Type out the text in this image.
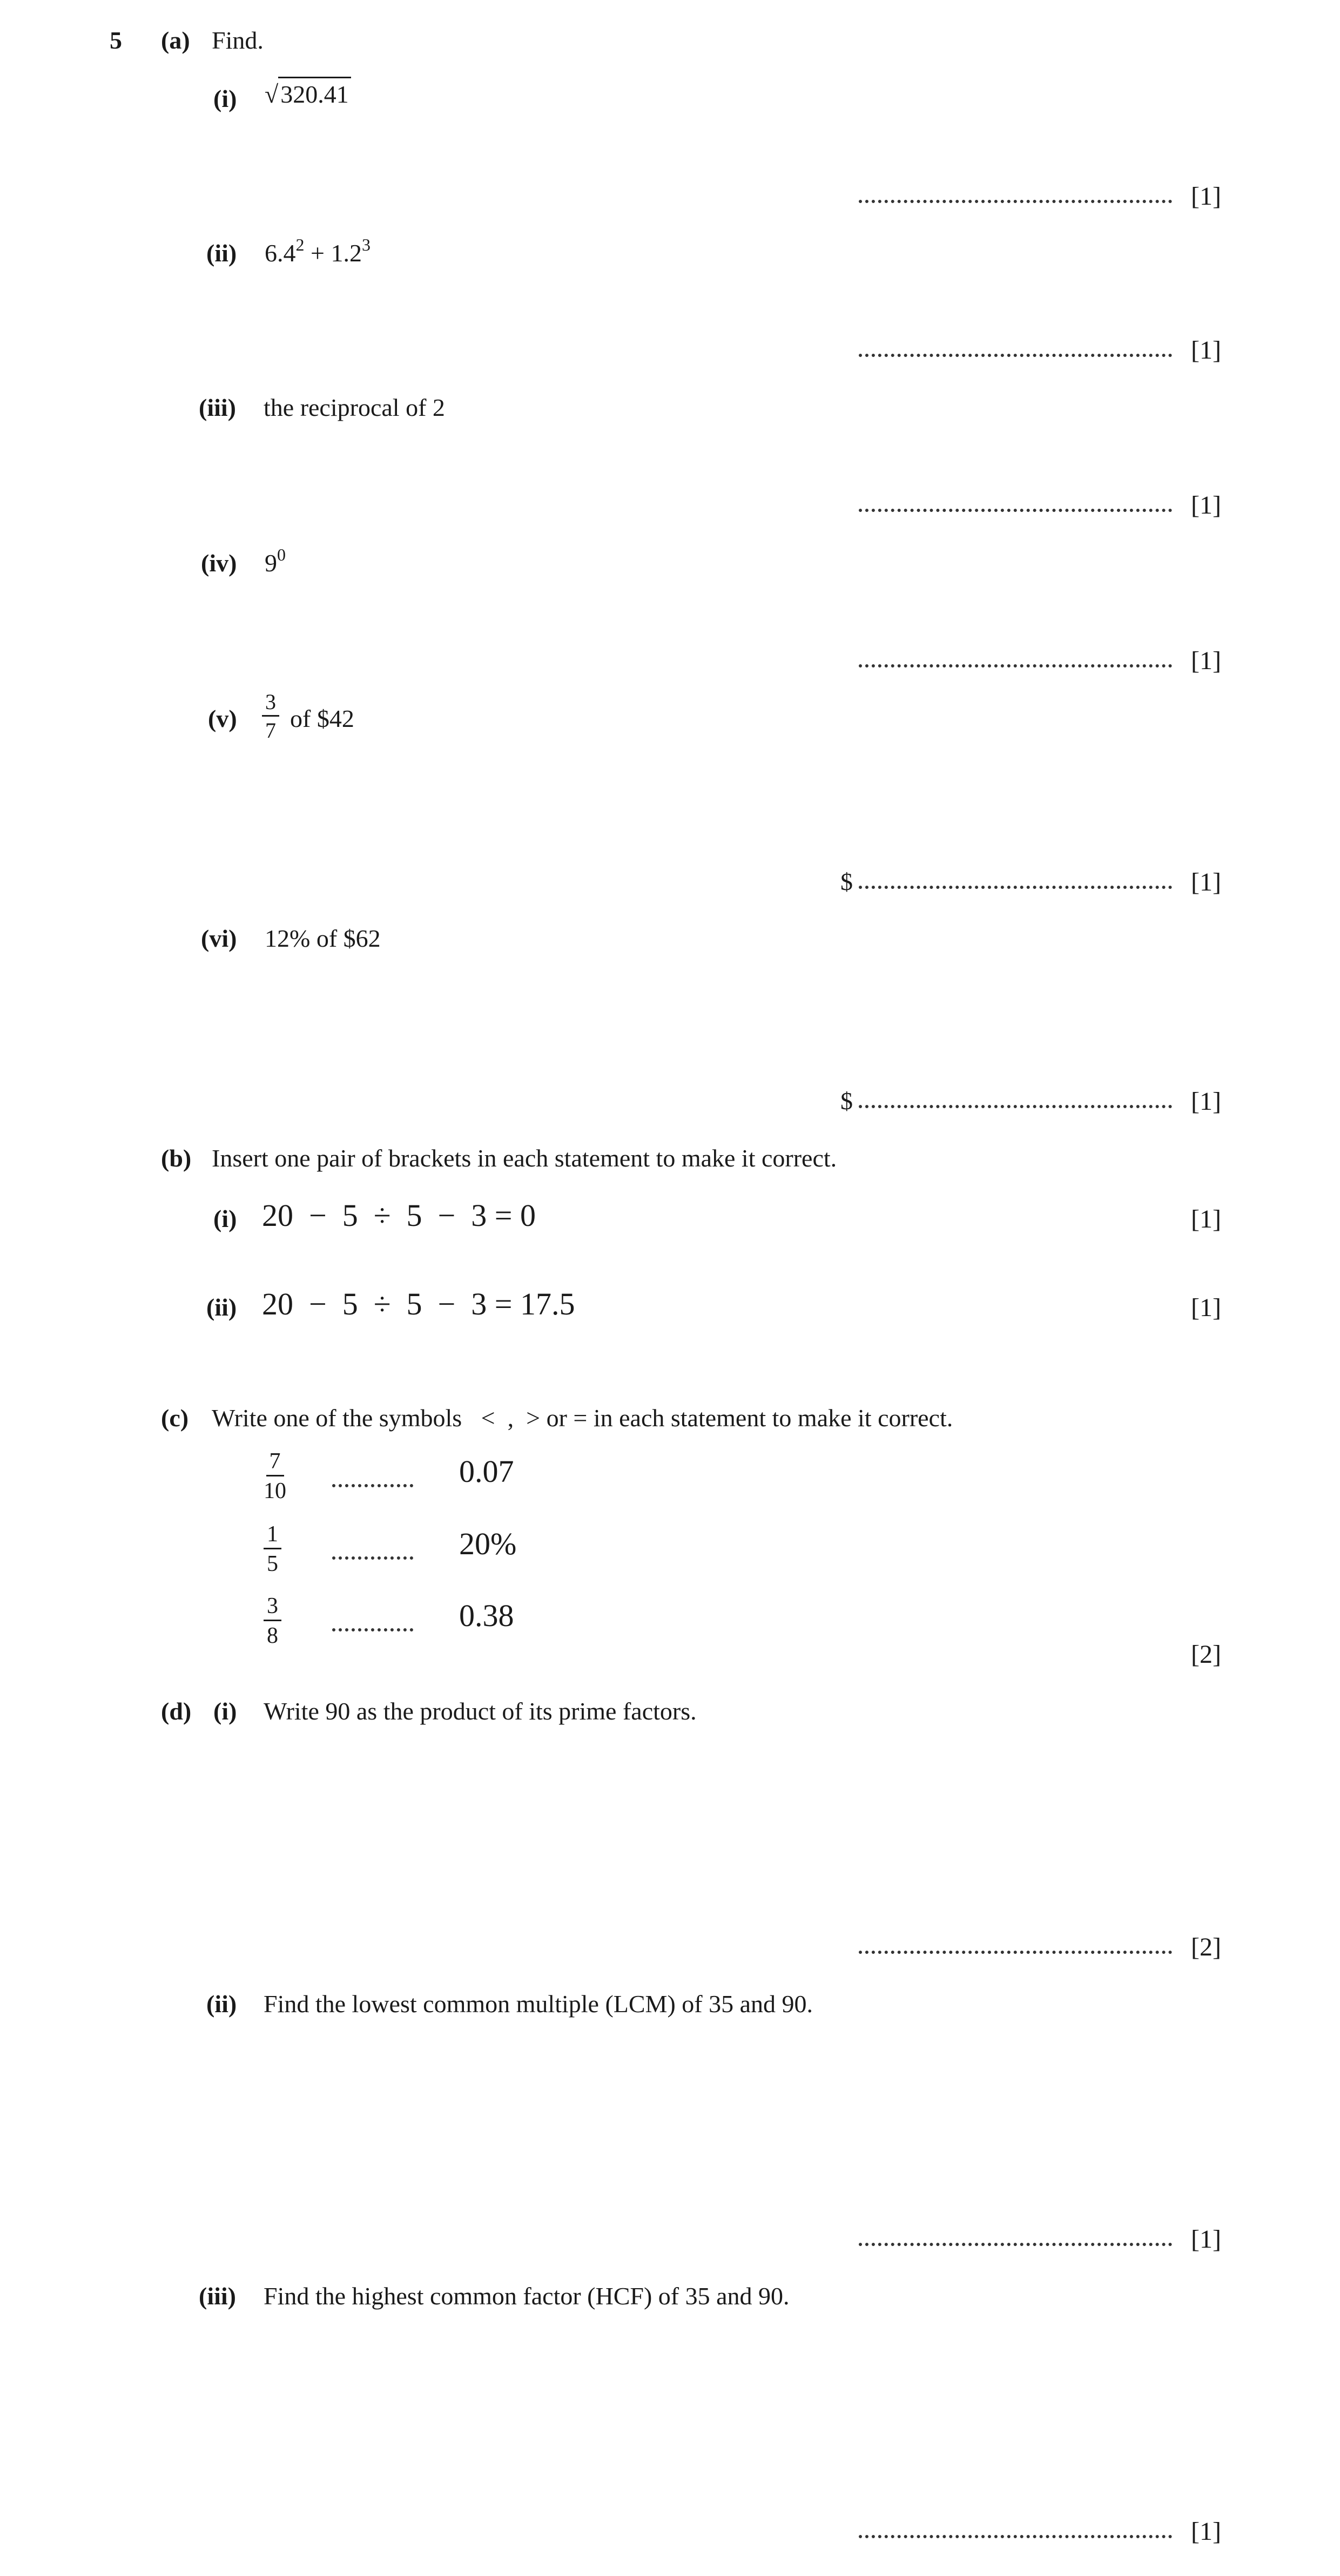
5 (a) Find.
(i) √320.41
[1]
(ii) $6.4^2 + 1.2^3$
[1]
(iii) the reciprocal of 2
[1]
(iv) $9^0$
[1]
$(v) \frac{3}{7}$ of $42
$	[1]
(vi) 12% of $62
$	[1]
(b) Insert one pair of brackets in each statement to make it correct.
(i) 20  −  5  ÷  5  −  3 = 0	[1]
(ii) 20  −  5  ÷  5  −  3 = 17.5	[1]
(c) Write one of the symbols <  ,  > or = in each statement to make it correct.
$\frac{7}{10}$	0.07
$\frac{1}{5}$	20%
$\frac{3}{8}$	0.38
[2]
(d) (i) Write 90 as the product of its prime factors.
[2]
(ii) Find the lowest common multiple (LCM) of 35 and 90.
[1]
(iii) Find the highest common factor (HCF) of 35 and 90.
[1]
